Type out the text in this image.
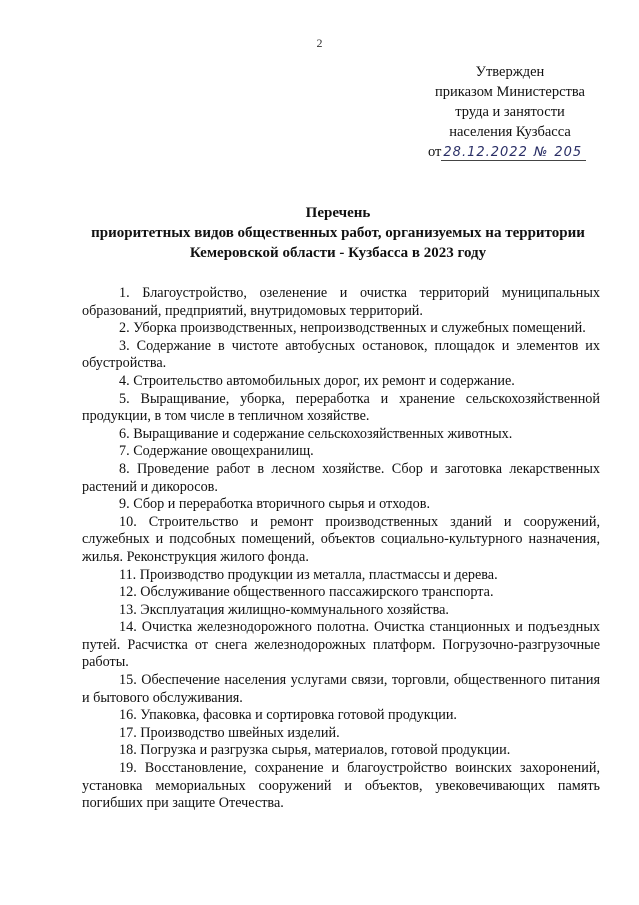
2
Утвержден
приказом Министерства
труда и занятости
населения Кузбасса
от 28.12.2022 № 205
Перечень
приоритетных видов общественных работ, организуемых на территории
Кемеровской области - Кузбасса в 2023 году

1. Благоустройство, озеленение и очистка территорий муниципальных образований, предприятий, внутридомовых территорий.

2. Уборка производственных, непроизводственных и служебных помещений.

3. Содержание в чистоте автобусных остановок, площадок и элементов их обустройства.

4. Строительство автомобильных дорог, их ремонт и содержание.

5. Выращивание, уборка, переработка и хранение сельскохозяйственной продукции, в том числе в тепличном хозяйстве.

6. Выращивание и содержание сельскохозяйственных животных.

7. Содержание овощехранилищ.

8. Проведение работ в лесном хозяйстве. Сбор и заготовка лекарственных растений и дикоросов.

9. Сбор и переработка вторичного сырья и отходов.

10. Строительство и ремонт производственных зданий и сооружений, служебных и подсобных помещений, объектов социально-культурного назначения, жилья. Реконструкция жилого фонда.

11. Производство продукции из металла, пластмассы и дерева.

12. Обслуживание общественного пассажирского транспорта.

13. Эксплуатация жилищно-коммунального хозяйства.

14. Очистка железнодорожного полотна. Очистка станционных и подъездных путей. Расчистка от снега железнодорожных платформ. Погрузочно-разгрузочные работы.

15. Обеспечение населения услугами связи, торговли, общественного питания и бытового обслуживания.

16. Упаковка, фасовка и сортировка готовой продукции.

17. Производство швейных изделий.

18. Погрузка и разгрузка сырья, материалов, готовой продукции.

19. Восстановление, сохранение и благоустройство воинских захоронений, установка мемориальных сооружений и объектов, увековечивающих память погибших при защите Отечества.
